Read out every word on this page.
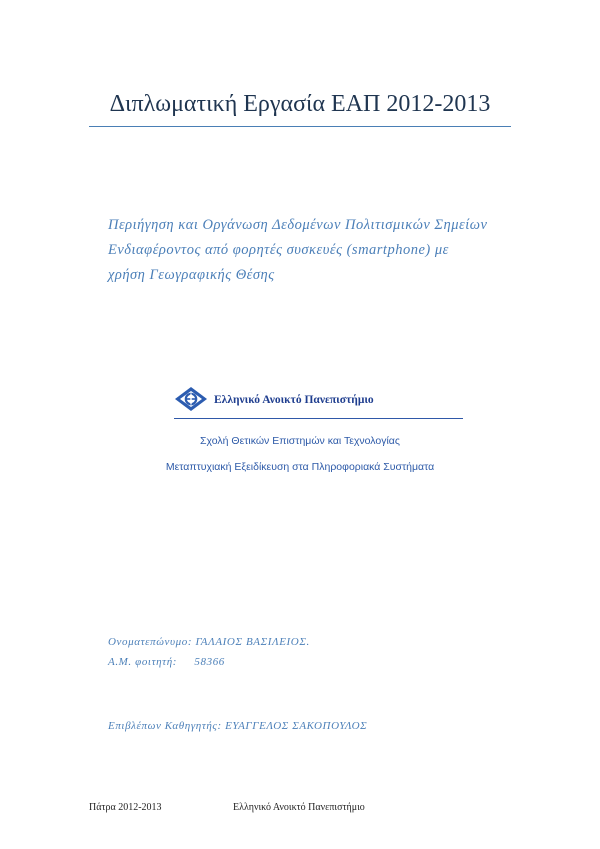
Διπλωματική Εργασία ΕΑΠ 2012-2013
Περιήγηση και Οργάνωση Δεδομένων Πολιτισμικών Σημείων
Ενδιαφέροντος από φορητές συσκευές (smartphone) με
χρήση Γεωγραφικής Θέσης
Ελληνικό Ανοικτό Πανεπιστήμιο
Σχολή Θετικών Επιστημών και Τεχνολογίας
Μεταπτυχιακή Εξειδίκευση στα Πληροφοριακά Συστήματα
Ονοματεπώνυμο: ΓΑΛΑΙΟΣ ΒΑΣΙΛΕΙΟΣ.
Α.Μ. φοιτητή: 58366
Επιβλέπων Καθηγητής: ΕΥΑΓΓΕΛΟΣ ΣΑΚΟΠΟΥΛΟΣ
Πάτρα 2012-2013	Ελληνικό Ανοικτό Πανεπιστήμιο
